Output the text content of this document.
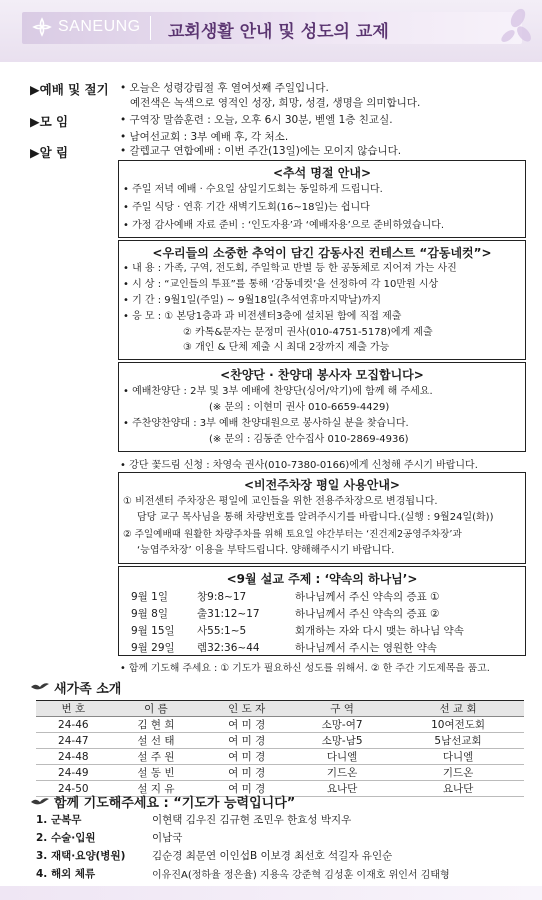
SANEUNG 교회생활 안내 및 성도의 교제
▶예배 및 절기 • 오늘은 성령강림절 후 열여섯째 주일입니다.
예전색은 녹색으로 영적인 성장, 희망, 성결, 생명을 의미합니다.
▶모 임	• 구역장 말씀훈련 : 오늘, 오후 6시 30분, 벧엘 1층 친교실.
• 남여선교회 : 3부 예배 후, 각 처소.
▶알 림	• 갈렙교구 연합예배 : 이번 주간(13일)에는 모이지 않습니다.
<추석 명절 안내>
• 주일 저녁 예배 · 수요일 삼일기도회는 동일하게 드립니다.
• 주일 식당 · 연휴 기간 새벽기도회(16~18일)는 쉽니다
• 가정 감사예배 자료 준비 : ‘인도자용’과 ‘예배자용’으로 준비하였습니다.
<우리들의 소중한 추억이 담긴 감동사진 컨테스트 “감동네컷”>
• 내 용 : 가족, 구역, 전도회, 주일학교 반별 등 한 공동체로 지어져 가는 사진
• 시 상 : “교인들의 투표”를 통해 ‘감동네컷’을 선정하여 각 10만원 시상
• 기 간 : 9월1일(주일) ~ 9월18일(추석연휴마지막날)까지
• 응 모 : ① 본당1층과 과 비전센터3층에 설치된 함에 직접 제출
② 카톡&문자는 문정미 권사(010-4751-5178)에게 제출
③ 개인 & 단체 제출 시 최대 2장까지 제출 가능
<찬양단 · 찬양대 봉사자 모집합니다>
• 예배찬양단 : 2부 및 3부 예배에 찬양단(싱어/악기)에 함께 해 주세요.
(※ 문의 : 이현미 권사 010-6659-4429)
• 주찬양찬양대 : 3부 예배 찬양대원으로 봉사하실 분을 찾습니다.
(※ 문의 : 김동준 안수집사 010-2869-4936)
• 강단 꽃드림 신청 : 차영숙 권사(010-7380-0166)에게 신청해 주시기 바랍니다.
<비전주차장 평일 사용안내>
① 비전센터 주차장은 평일에 교인들을 위한 전용주차장으로 변경됩니다.
담당 교구 목사님을 통해 차량번호를 알려주시기를 바랍니다.(실행 : 9월24일(화))
② 주일예배때 원활한 차량주차를 위해 토요일 야간부터는 ‘진건제2공영주차장’과
‘능엽주차장’ 이용을 부탁드립니다. 양해해주시기 바랍니다.
<9월 설교 주제 : ‘약속의 하나님’>
9월 1일	창9:8~17	하나님께서 주신 약속의 증표 ①
9월 8일	출31:12~17	하나님께서 주신 약속의 증표 ②
9월 15일 사55:1~5	회개하는 자와 다시 맺는 하나님 약속
9월 29일 렘32:36~44	하나님께서 주시는 영원한 약속
• 함께 기도해 주세요 : ① 기도가 필요하신 성도를 위해서. ② 한 주간 기도제목을 품고.
새가족 소개
번 호	이 름	인 도 자	구 역	선 교 회
24-46	김 현 희	여 미 경	소망-여7	10여전도회
24-47	설 선 태	여 미 경	소망-남5	5남선교회
24-48	설 주 원	여 미 경	다니엘	다니엘
24-49	설 동 빈	여 미 경	기드온	기드온
24-50	설 지 유	여 미 경	요나단	요나단
함께 기도해주세요 : “기도가 능력입니다”
1. 군복무	이현택 김우진 김규현 조민우 한효성 박지우
2. 수술·입원	이남국
3. 재택·요양(병원)	김순경 최문연 이인섭B 이보경 최선호 석길자 유인순
4. 해외 체류	이유진A(정하율 정은율) 지용옥 강준혁 김성훈 이재호 위인서 김태형
